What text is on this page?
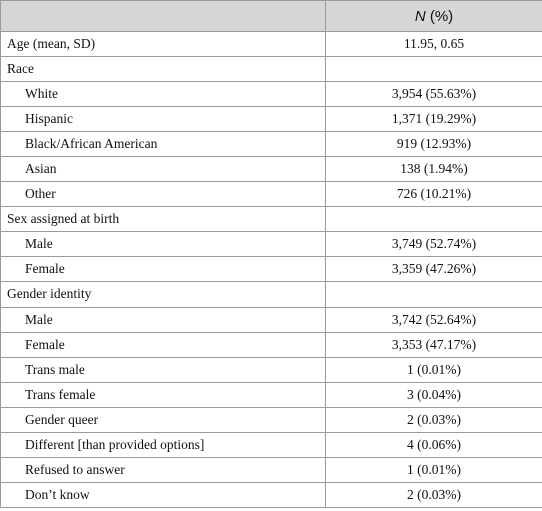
	N (%)
Age (mean, SD)	11.95, 0.65
Race	
White	3,954 (55.63%)
Hispanic	1,371 (19.29%)
Black/African American	919 (12.93%)
Asian	138 (1.94%)
Other	726 (10.21%)
Sex assigned at birth	
Male	3,749 (52.74%)
Female	3,359 (47.26%)
Gender identity	
Male	3,742 (52.64%)
Female	3,353 (47.17%)
Trans male	1 (0.01%)
Trans female	3 (0.04%)
Gender queer	2 (0.03%)
Different [than provided options]	4 (0.06%)
Refused to answer	1 (0.01%)
Don’t know	2 (0.03%)
